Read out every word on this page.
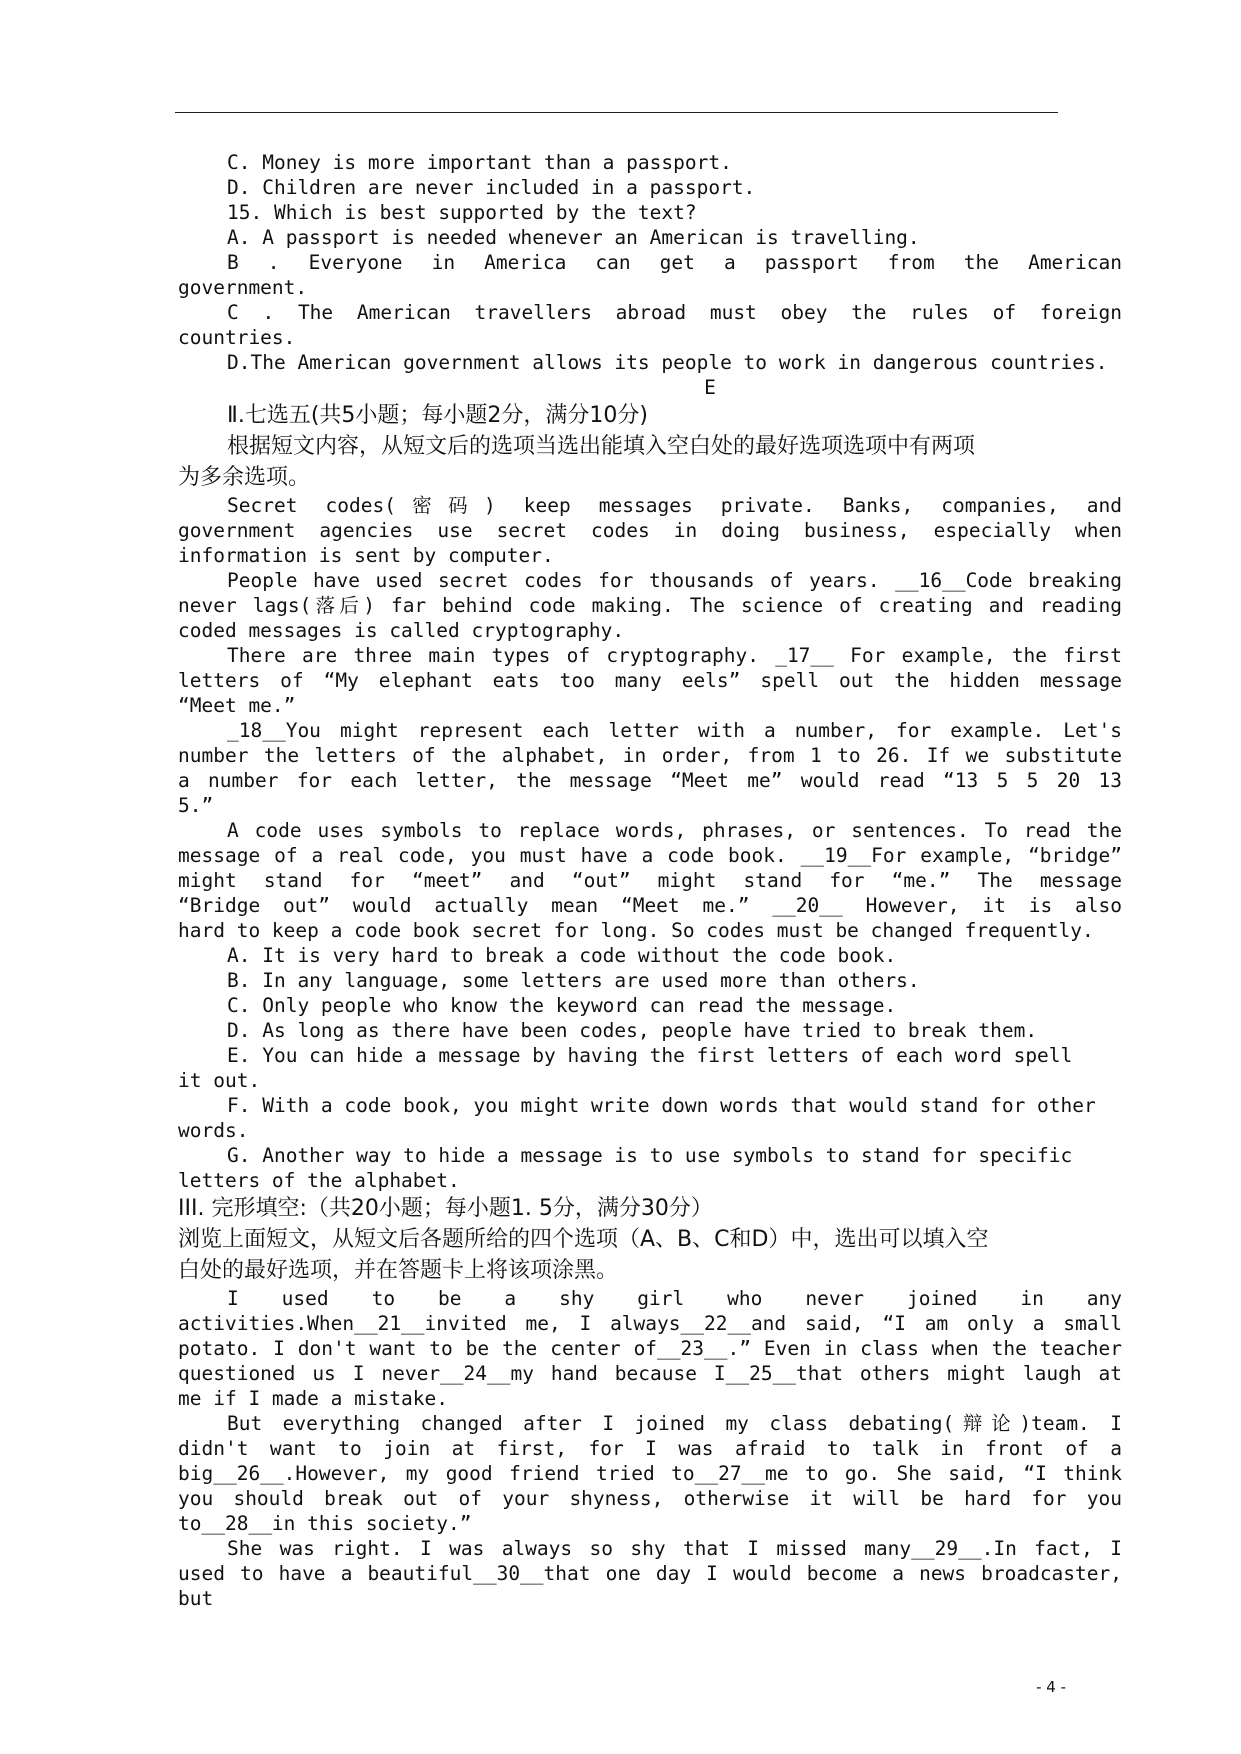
C. Money is more important than a passport.
D. Children are never included in a passport.
15. Which is best supported by the text?
A. A passport is needed whenever an American is travelling.
B . Everyone in America can get a passport from the American
government.
C . The American travellers abroad must obey the rules of foreign
countries.
D.The American government allows its people to work in dangerous countries.
E
Ⅱ.七选五(共5小题；每小题2分，满分10分)
根据短文内容，从短文后的选项当选出能填入空白处的最好选项选项中有两项
为多余选项。
Secret codes(密码) keep messages private. Banks, companies, and
government agencies use secret codes in doing business, especially when
information is sent by computer.
People have used secret codes for thousands of years. __16__Code breaking
never lags(落后) far behind code making. The science of creating and reading
coded messages is called cryptography.
There are three main types of cryptography. _17__ For example, the first
letters of “My elephant eats too many eels” spell out the hidden message
“Meet me.”
_18__You might represent each letter with a number, for example. Let's
number the letters of the alphabet, in order, from 1 to 26. If we substitute
a number for each letter, the message “Meet me” would read “13 5 5 20 13
5.”
A code uses symbols to replace words, phrases, or sentences. To read the
message of a real code, you must have a code book. __19__For example, “bridge”
might stand for “meet” and “out” might stand for “me.” The message
“Bridge out” would actually mean “Meet me.” __20__ However, it is also
hard to keep a code book secret for long. So codes must be changed frequently.
A. It is very hard to break a code without the code book.
B. In any language, some letters are used more than others.
C. Only people who know the keyword can read the message.
D. As long as there have been codes, people have tried to break them.
E. You can hide a message by having the first letters of each word spell
it out.
F. With a code book, you might write down words that would stand for other
words.
G. Another way to hide a message is to use symbols to stand for specific
letters of the alphabet.
III. 完形填空:（共20小题；每小题1. 5分，满分30分）
浏览上面短文，从短文后各题所给的四个选项（A、B、C和D）中，选出可以填入空
白处的最好选项，并在答题卡上将该项涂黑。
I used to be a shy girl who never joined in any
activities.When__21__invited me, I always__22__and said, “I am only a small
potato. I don't want to be the center of__23__.” Even in class when the teacher
questioned us I never__24__my hand because I__25__that others might laugh at
me if I made a mistake.
But everything changed after I joined my class debating(辩论)team. I
didn't want to join at first, for I was afraid to talk in front of a
big__26__.However, my good friend tried to__27__me to go. She said, “I think
you should break out of your shyness, otherwise it will be hard for you
to__28__in this society.”
She was right. I was always so shy that I missed many__29__.In fact, I
used to have a beautiful__30__that one day I would become a news broadcaster, but
- 4 -
